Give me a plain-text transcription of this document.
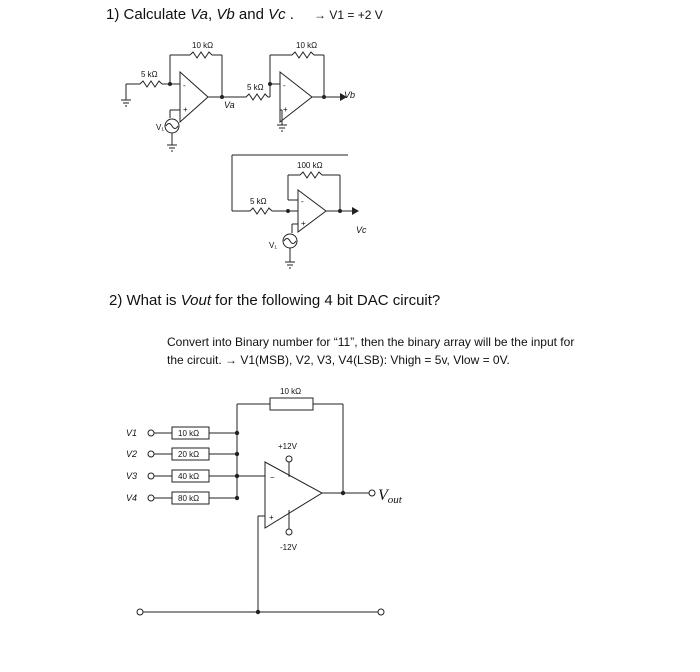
1) Calculate Va, Vb and Vc . → V1 = +2 V
2) What is Vout for the following 4 bit DAC circuit?
Convert into Binary number for “11”, then the binary array will be the input for
the circuit. → V1(MSB), V2, V3, V4(LSB): Vhigh = 5v, Vlow = 0V.
10 kΩ	10 kΩ
5 kΩ
5 kΩ
Va
Vb
V₁
-
+
-
+
100 kΩ
5 kΩ
Vc
V₁
-
+
10 kΩ
V1
V2
V3
V4
10 kΩ
20 kΩ
40 kΩ
80 kΩ
+12V
-12V
−
+
Vout
